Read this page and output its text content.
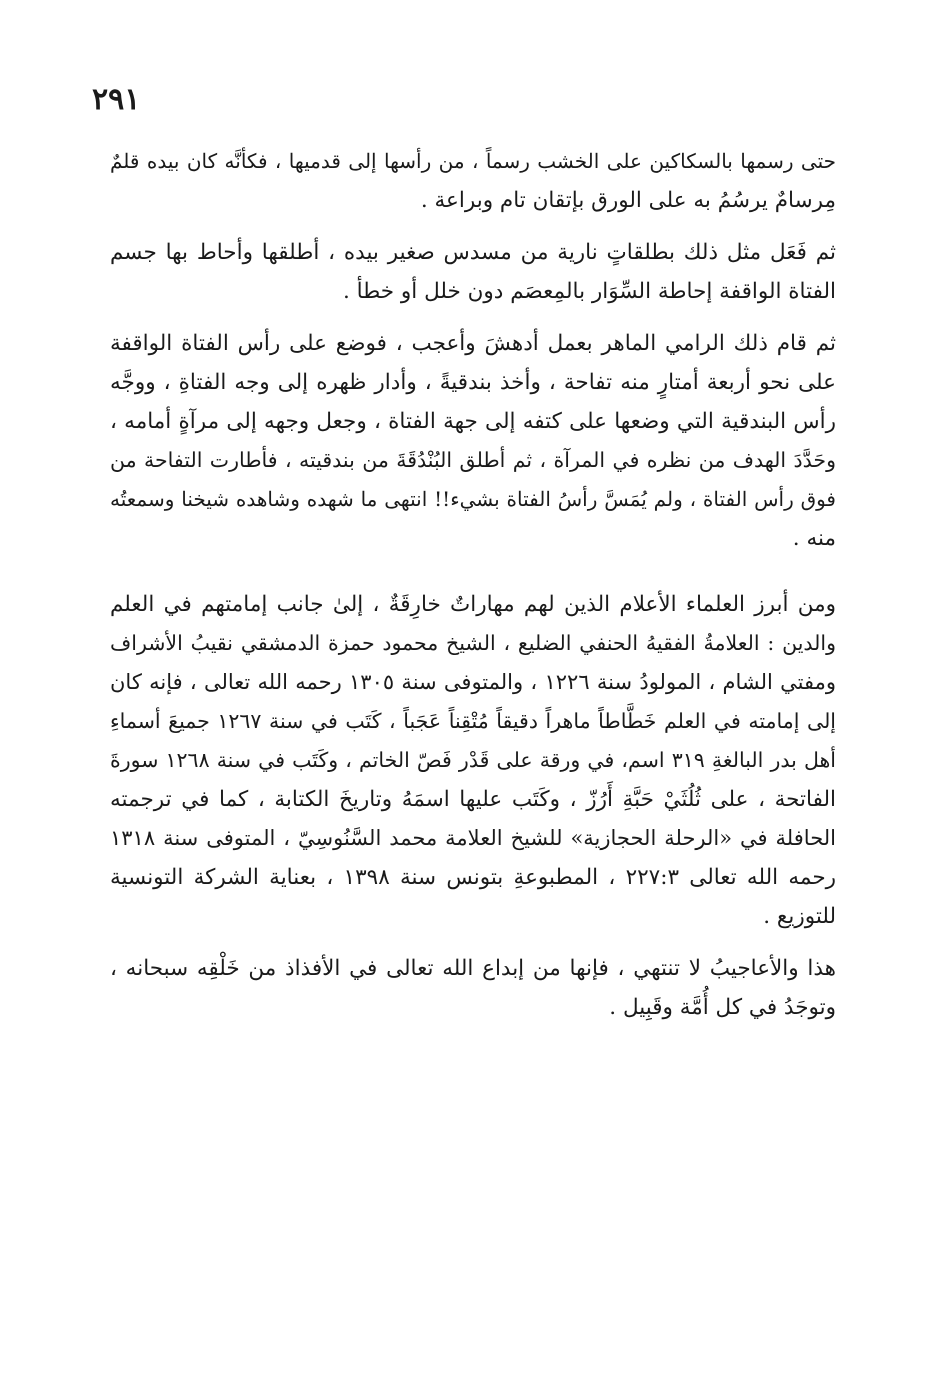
٢٩١

حتى رسمها بالسكاكين على الخشب رسماً ، من رأسها إلى قدميها ، فكأنَّه كان بيده قلمٌ
مِرسامٌ يرسُمُ به على الورق بإتقان تام وبراعة .

ثم فَعَل مثل ذلك بطلقاتٍ نارية من مسدس صغير بيده ، أطلقها وأحاط بها جسم
الفتاة الواقفة إحاطة السِّوَار بالمِعصَم دون خلل أو خطأ .

ثم قام ذلك الرامي الماهر بعمل أدهشَ وأعجب ، فوضع على رأس الفتاة الواقفة
على نحو أربعة أمتارٍ منه تفاحة ، وأخذ بندقيةً ، وأدار ظهره إلى وجه الفتاةِ ، ووجَّه
رأس البندقية التي وضعها على كتفه إلى جهة الفتاة ، وجعل وجهه إلى مرآةٍ أمامه ،
وحَدَّدَ الهدف من نظره في المرآة ، ثم أطلق البُنْدُقَةَ من بندقيته ، فأطارت التفاحة من
فوق رأس الفتاة ، ولم يُمَسَّ رأسُ الفتاة بشيء!! انتهى ما شهده وشاهده شيخنا وسمعتُه
منه .

ومن أبرز العلماء الأعلام الذين لهم مهاراتٌ خارِقَةٌ ، إلىٰ جانب إمامتهم في العلم
والدين : العلامةُ الفقيهُ الحنفي الضليع ، الشيخ محمود حمزة الدمشقي نقيبُ الأشراف
ومفتي الشام ، المولودُ سنة ١٢٢٦ ، والمتوفى سنة ١٣٠٥ رحمه الله تعالى ، فإنه كان
إلى إمامته في العلم خَطَّاطاً ماهراً دقيقاً مُتْقِناً عَجَباً ، كَتَب في سنة ١٢٦٧ جميعَ أسماءِ
أهل بدر البالغةِ ٣١٩ اسم، في ورقة على قَدْر فَصّ الخاتم ، وكَتَب في سنة ١٢٦٨ سورةَ
الفاتحة ، على ثُلُثَيْ حَبَّةِ أَرُزّ ، وكَتَب عليها اسمَهُ وتاريخَ الكتابة ، كما في ترجمته
الحافلة في «الرحلة الحجازية» للشيخ العلامة محمد السَّنُوسِيّ ، المتوفى سنة ١٣١٨
رحمه الله تعالى ٢٢٧:٣ ، المطبوعةِ بتونس سنة ١٣٩٨ ، بعناية الشركة التونسية
للتوزيع .

هذا والأعاجيبُ لا تنتهي ، فإنها من إبداع الله تعالى في الأفذاذ من خَلْقِه سبحانه ،
وتوجَدُ في كل أُمَّة وقَبِيل .
